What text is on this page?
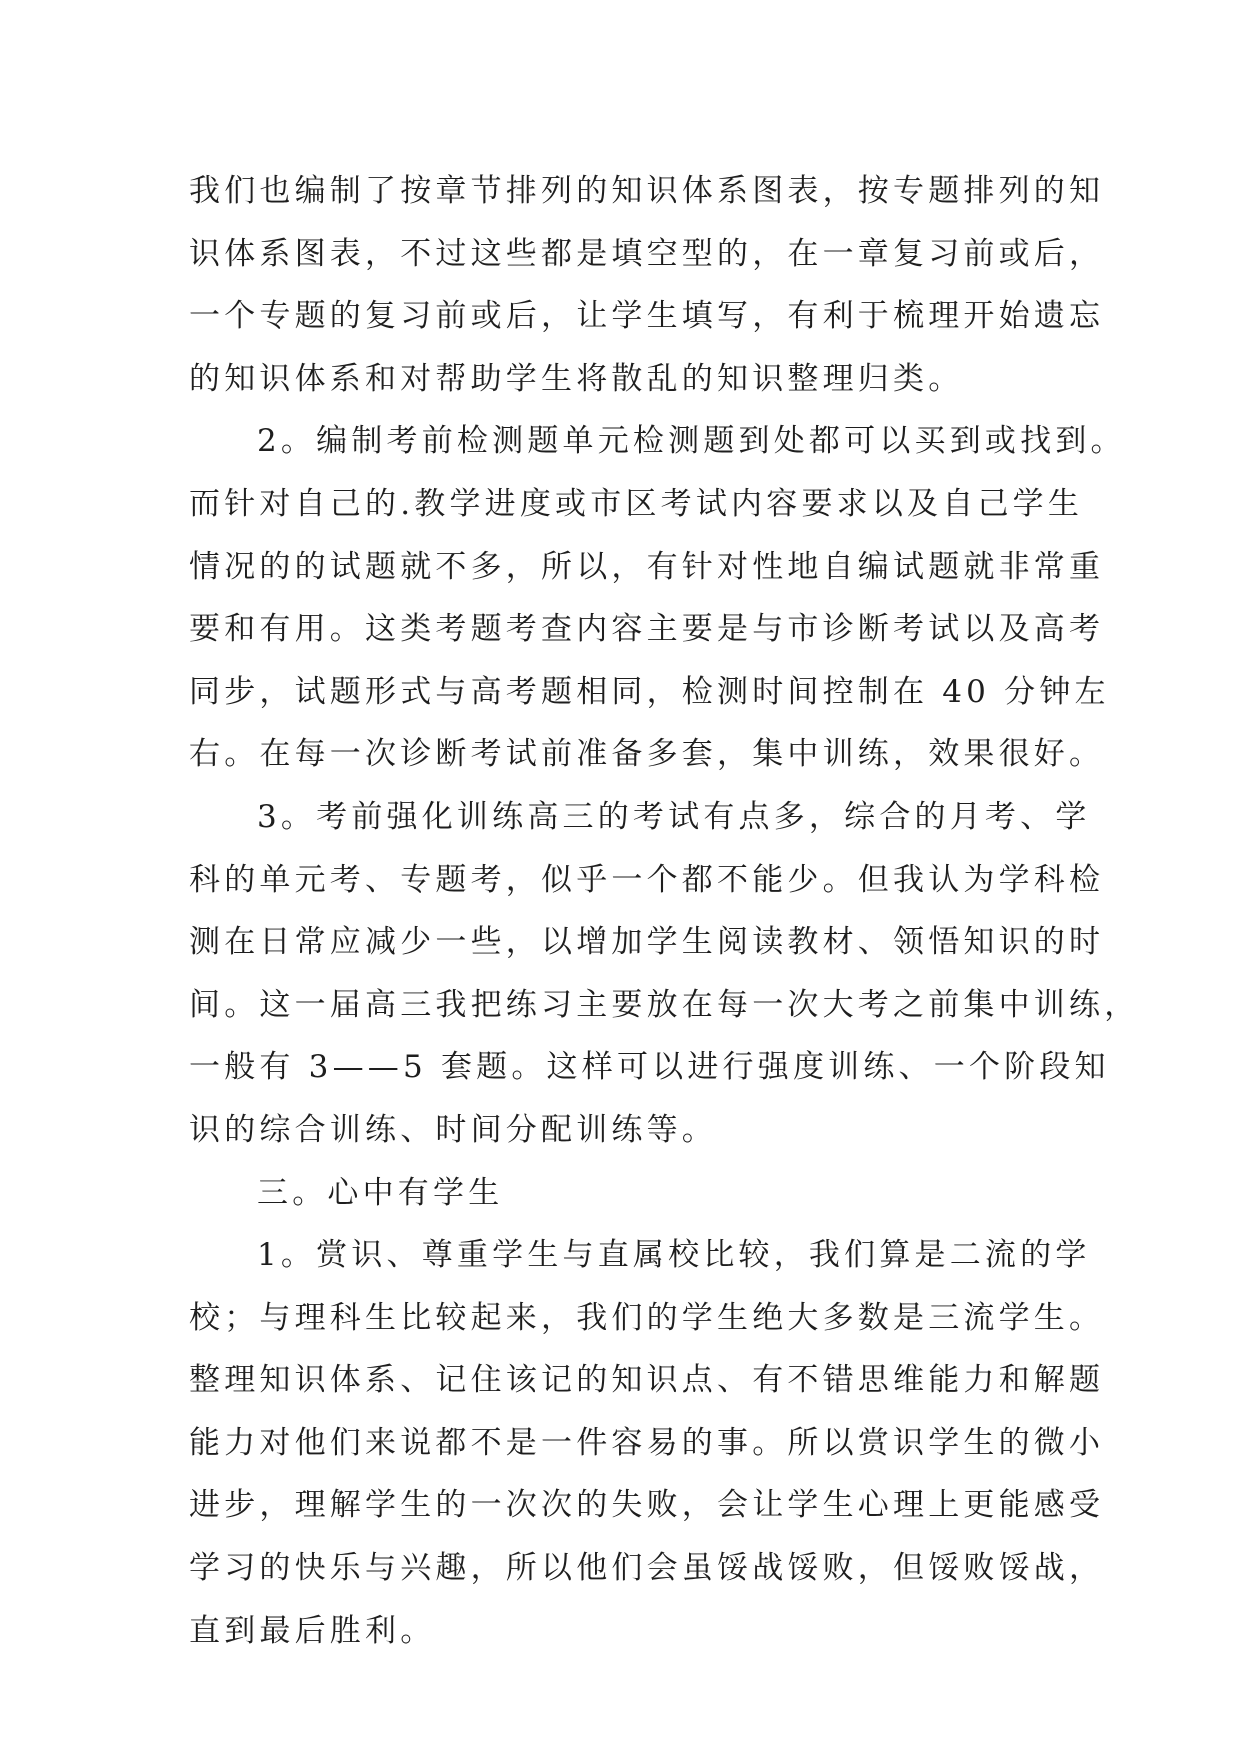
我们也编制了按章节排列的知识体系图表，按专题排列的知
识体系图表，不过这些都是填空型的，在一章复习前或后，
一个专题的复习前或后，让学生填写，有利于梳理开始遗忘
的知识体系和对帮助学生将散乱的知识整理归类。
2。编制考前检测题单元检测题到处都可以买到或找到。
而针对自己的.教学进度或市区考试内容要求以及自己学生
情况的的试题就不多，所以，有针对性地自编试题就非常重
要和有用。这类考题考查内容主要是与市诊断考试以及高考
同步，试题形式与高考题相同，检测时间控制在 40 分钟左
右。在每一次诊断考试前准备多套，集中训练，效果很好。
3。考前强化训练高三的考试有点多，综合的月考、学
科的单元考、专题考，似乎一个都不能少。但我认为学科检
测在日常应减少一些，以增加学生阅读教材、领悟知识的时
间。这一届高三我把练习主要放在每一次大考之前集中训练，
一般有 3——5 套题。这样可以进行强度训练、一个阶段知
识的综合训练、时间分配训练等。
三。心中有学生
1。赏识、尊重学生与直属校比较，我们算是二流的学
校；与理科生比较起来，我们的学生绝大多数是三流学生。
整理知识体系、记住该记的知识点、有不错思维能力和解题
能力对他们来说都不是一件容易的事。所以赏识学生的微小
进步，理解学生的一次次的失败，会让学生心理上更能感受
学习的快乐与兴趣，所以他们会虽馁战馁败，但馁败馁战，
直到最后胜利。
